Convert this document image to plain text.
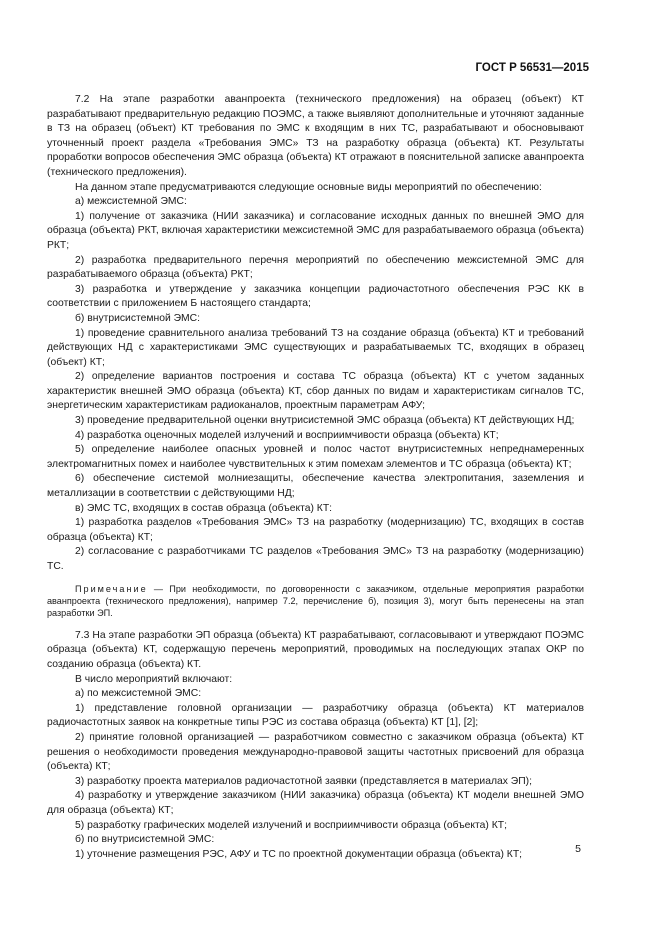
ГОСТ Р 56531—2015

7.2 На этапе разработки аванпроекта (технического предложения) на образец (объект) КТ разрабатывают предварительную редакцию ПОЭМС, а также выявляют дополнительные и уточняют заданные в ТЗ на образец (объект) КТ требования по ЭМС к входящим в них ТС, разрабатывают и обосновывают уточненный проект раздела «Требования ЭМС» ТЗ на разработку образца (объекта) КТ. Результаты проработки вопросов обеспечения ЭМС образца (объекта) КТ отражают в пояснительной записке аванпроекта (технического предложения).

На данном этапе предусматриваются следующие основные виды мероприятий по обеспечению:

а) межсистемной ЭМС:

1) получение от заказчика (НИИ заказчика) и согласование исходных данных по внешней ЭМО для образца (объекта) РКТ, включая характеристики межсистемной ЭМС для разрабатываемого образца (объекта) РКТ;

2) разработка предварительного перечня мероприятий по обеспечению межсистемной ЭМС для разрабатываемого образца (объекта) РКТ;

3) разработка и утверждение у заказчика концепции радиочастотного обеспечения РЭС КК в соответствии с приложением Б настоящего стандарта;

б) внутрисистемной ЭМС:

1) проведение сравнительного анализа требований ТЗ на создание образца (объекта) КТ и требований действующих НД с характеристиками ЭМС существующих и разрабатываемых ТС, входящих в образец (объект) КТ;

2) определение вариантов построения и состава ТС образца (объекта) КТ с учетом заданных характеристик внешней ЭМО образца (объекта) КТ, сбор данных по видам и характеристикам сигналов ТС, энергетическим характеристикам радиоканалов, проектным параметрам АФУ;

3) проведение предварительной оценки внутрисистемной ЭМС образца (объекта) КТ действующих НД;

4) разработка оценочных моделей излучений и восприимчивости образца (объекта) КТ;

5) определение наиболее опасных уровней и полос частот внутрисистемных непреднамеренных электромагнитных помех и наиболее чувствительных к этим помехам элементов и ТС образца (объекта) КТ;

6) обеспечение системой молниезащиты, обеспечение качества электропитания, заземления и металлизации в соответствии с действующими НД;

в) ЭМС ТС, входящих в состав образца (объекта) КТ:

1) разработка разделов «Требования ЭМС» ТЗ на разработку (модернизацию) ТС, входящих в состав образца (объекта) КТ;

2) согласование с разработчиками ТС разделов «Требования ЭМС» ТЗ на разработку (модернизацию) ТС.

Примечание — При необходимости, по договоренности с заказчиком, отдельные мероприятия разработки аванпроекта (технического предложения), например 7.2, перечисление б), позиция 3), могут быть перенесены на этап разработки ЭП.

7.3 На этапе разработки ЭП образца (объекта) КТ разрабатывают, согласовывают и утверждают ПОЭМС образца (объекта) КТ, содержащую перечень мероприятий, проводимых на последующих этапах ОКР по созданию образца (объекта) КТ.

В число мероприятий включают:

а) по межсистемной ЭМС:

1) представление головной организации — разработчику образца (объекта) КТ материалов радиочастотных заявок на конкретные типы РЭС из состава образца (объекта) КТ [1], [2];

2) принятие головной организацией — разработчиком совместно с заказчиком образца (объекта) КТ решения о необходимости проведения международно-правовой защиты частотных присвоений для образца (объекта) КТ;

3) разработку проекта материалов радиочастотной заявки (представляется в материалах ЭП);

4) разработку и утверждение заказчиком (НИИ заказчика) образца (объекта) КТ модели внешней ЭМО для образца (объекта) КТ;

5) разработку графических моделей излучений и восприимчивости образца (объекта) КТ;

б) по внутрисистемной ЭМС:

1) уточнение размещения РЭС, АФУ и ТС по проектной документации образца (объекта) КТ;	5
